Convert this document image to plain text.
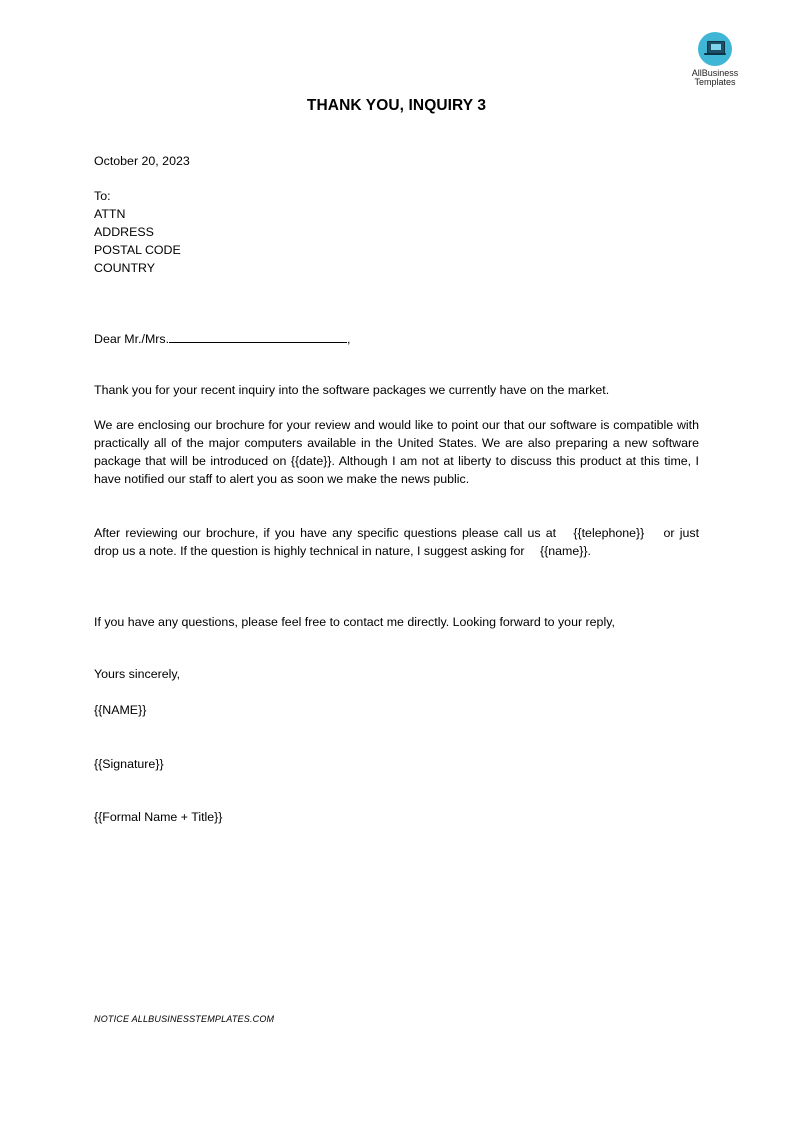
AllBusiness
Templates
THANK YOU, INQUIRY 3
October 20, 2023
To:
ATTN
ADDRESS
POSTAL CODE
COUNTRY
Dear Mr./Mrs.	,
Thank you for your recent inquiry into the software packages we currently have on the market.
We are enclosing our brochure for your review and would like to point our that our software is compatible with practically all of the major computers available in the United States. We are also preparing a new software package that will be introduced on {{date}}. Although I am not at liberty to discuss this product at this time, I have notified our staff to alert you as soon we make the news public.
After reviewing our brochure, if you have any specific questions please call us at {{telephone}} or just drop us a note. If the question is highly technical in nature, I suggest asking for {{name}}.
If you have any questions, please feel free to contact me directly. Looking forward to your reply,
Yours sincerely,
{{NAME}}
{{Signature}}
{{Formal Name + Title}}
NOTICE ALLBUSINESSTEMPLATES.COM
